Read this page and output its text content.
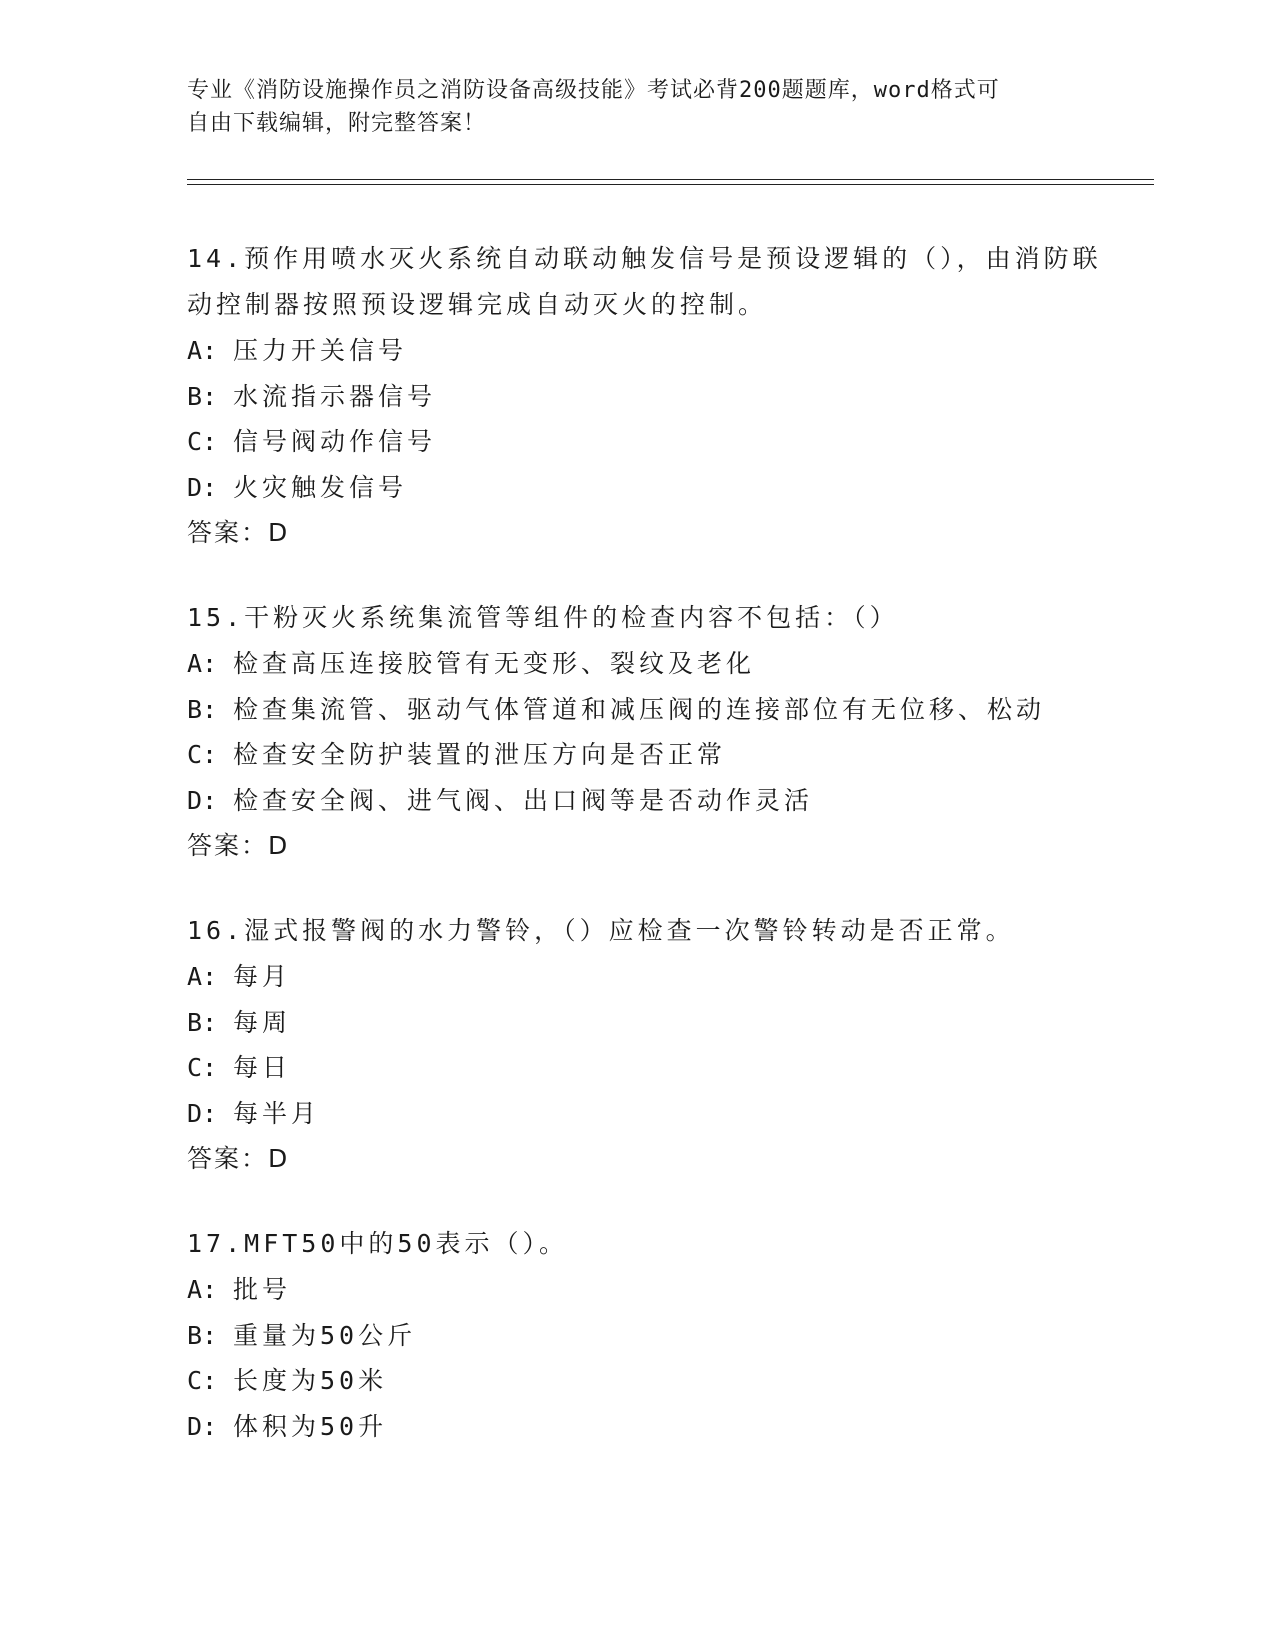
专业《消防设施操作员之消防设备高级技能》考试必背200题题库，word格式可
自由下载编辑，附完整答案！

14.预作用喷水灭火系统自动联动触发信号是预设逻辑的（），由消防联动控制器按照预设逻辑完成自动灭火的控制。

A: 压力开关信号

B: 水流指示器信号

C: 信号阀动作信号

D: 火灾触发信号

答案：D

15.干粉灭火系统集流管等组件的检查内容不包括：（）

A: 检查高压连接胶管有无变形、裂纹及老化

B: 检查集流管、驱动气体管道和减压阀的连接部位有无位移、松动

C: 检查安全防护装置的泄压方向是否正常

D: 检查安全阀、进气阀、出口阀等是否动作灵活

答案：D

16.湿式报警阀的水力警铃，（）应检查一次警铃转动是否正常。

A: 每月

B: 每周

C: 每日

D: 每半月

答案：D

17.MFT50中的50表示（）。

A: 批号

B: 重量为50公斤

C: 长度为50米

D: 体积为50升
